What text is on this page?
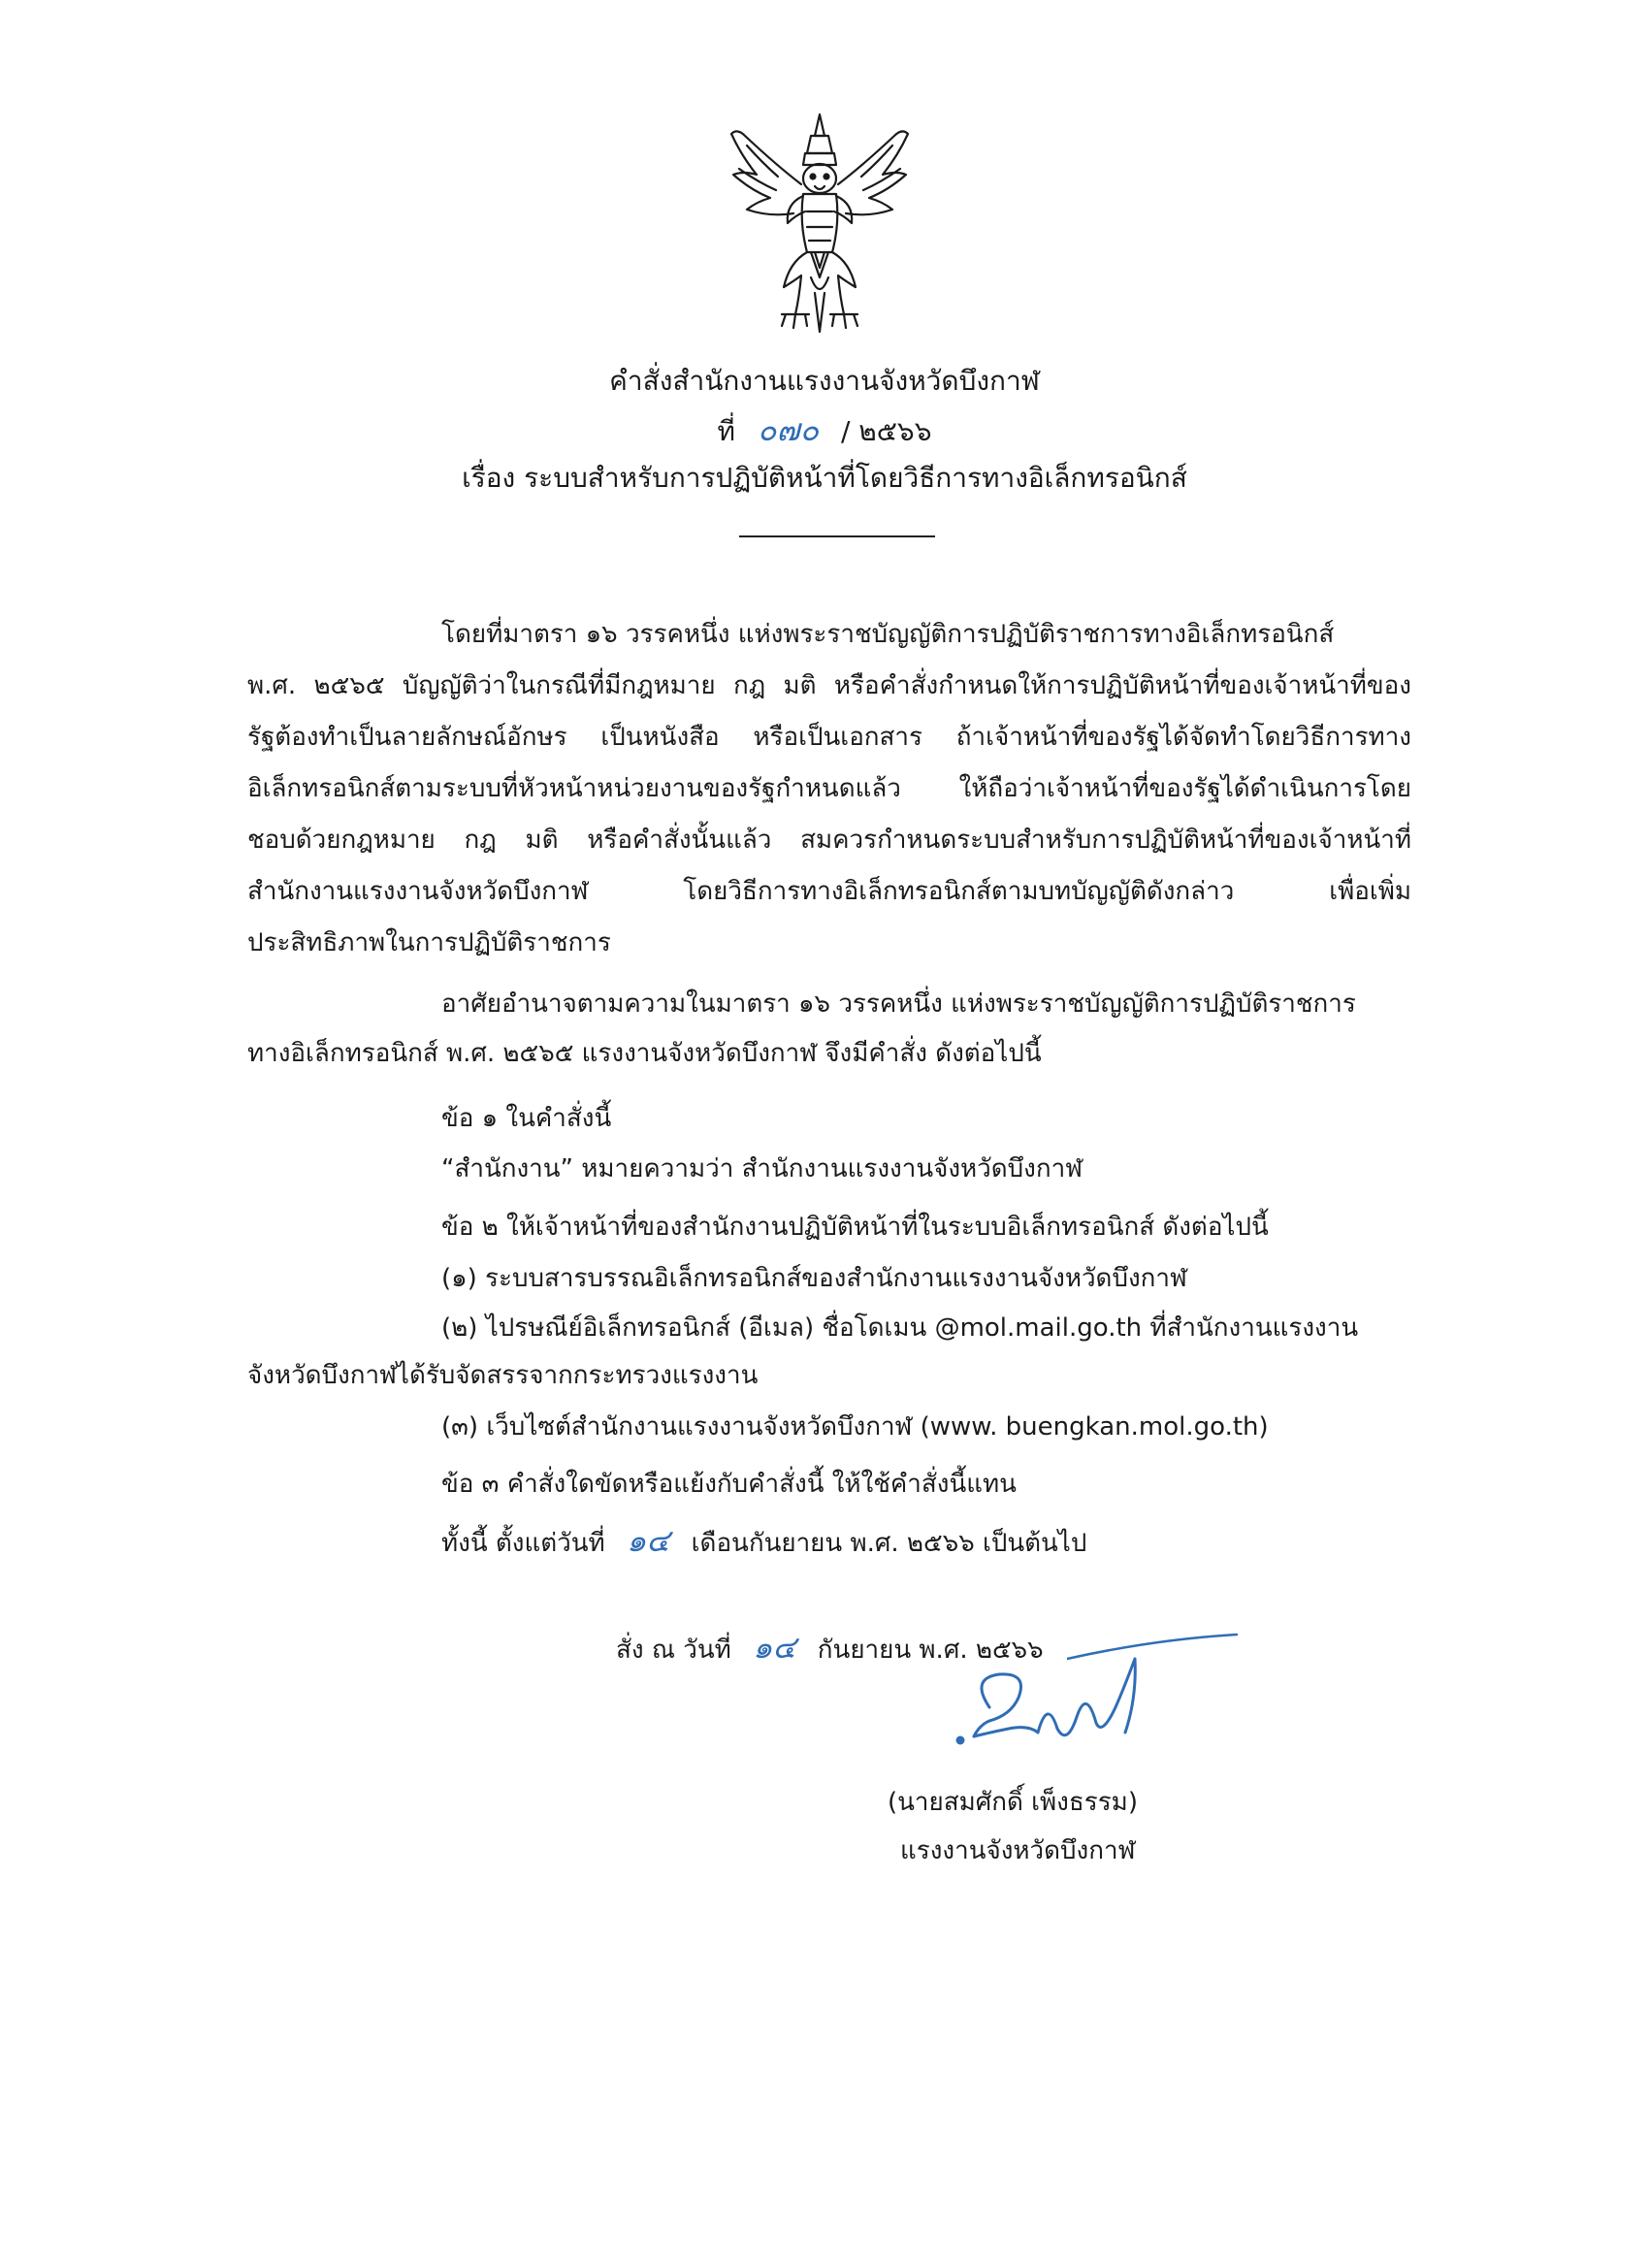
คำสั่งสำนักงานแรงงานจังหวัดบึงกาฬ
ที่ ๐๗๐ / ๒๕๖๖
เรื่อง ระบบสำหรับการปฏิบัติหน้าที่โดยวิธีการทางอิเล็กทรอนิกส์
โดยที่มาตรา ๑๖ วรรคหนึ่ง แห่งพระราชบัญญัติการปฏิบัติราชการทางอิเล็กทรอนิกส์
พ.ศ. ๒๕๖๕ บัญญัติว่าในกรณีที่มีกฎหมาย กฎ มติ หรือคำสั่งกำหนดให้การปฏิบัติหน้าที่ของเจ้าหน้าที่ของ
รัฐต้องทำเป็นลายลักษณ์อักษร เป็นหนังสือ หรือเป็นเอกสาร ถ้าเจ้าหน้าที่ของรัฐได้จัดทำโดยวิธีการทาง
อิเล็กทรอนิกส์ตามระบบที่หัวหน้าหน่วยงานของรัฐกำหนดแล้ว ให้ถือว่าเจ้าหน้าที่ของรัฐได้ดำเนินการโดย
ชอบด้วยกฎหมาย กฎ มติ หรือคำสั่งนั้นแล้ว สมควรกำหนดระบบสำหรับการปฏิบัติหน้าที่ของเจ้าหน้าที่
สำนักงานแรงงานจังหวัดบึงกาฬ โดยวิธีการทางอิเล็กทรอนิกส์ตามบทบัญญัติดังกล่าว เพื่อเพิ่ม
ประสิทธิภาพในการปฏิบัติราชการ
อาศัยอำนาจตามความในมาตรา ๑๖ วรรคหนึ่ง แห่งพระราชบัญญัติการปฏิบัติราชการ
ทางอิเล็กทรอนิกส์ พ.ศ. ๒๕๖๕ แรงงานจังหวัดบึงกาฬ จึงมีคำสั่ง ดังต่อไปนี้
ข้อ ๑ ในคำสั่งนี้
“สำนักงาน” หมายความว่า สำนักงานแรงงานจังหวัดบึงกาฬ
ข้อ ๒ ให้เจ้าหน้าที่ของสำนักงานปฏิบัติหน้าที่ในระบบอิเล็กทรอนิกส์ ดังต่อไปนี้
(๑) ระบบสารบรรณอิเล็กทรอนิกส์ของสำนักงานแรงงานจังหวัดบึงกาฬ
(๒) ไปรษณีย์อิเล็กทรอนิกส์ (อีเมล) ชื่อโดเมน @mol.mail.go.th ที่สำนักงานแรงงาน
จังหวัดบึงกาฬได้รับจัดสรรจากกระทรวงแรงงาน
(๓) เว็บไซต์สำนักงานแรงงานจังหวัดบึงกาฬ (www. buengkan.mol.go.th)
ข้อ ๓ คำสั่งใดขัดหรือแย้งกับคำสั่งนี้ ให้ใช้คำสั่งนี้แทน
ทั้งนี้ ตั้งแต่วันที่ ๑๔ เดือนกันยายน พ.ศ. ๒๕๖๖ เป็นต้นไป
สั่ง ณ วันที่ ๑๔ กันยายน พ.ศ. ๒๕๖๖
(นายสมศักดิ์ เพ็งธรรม)
แรงงานจังหวัดบึงกาฬ
